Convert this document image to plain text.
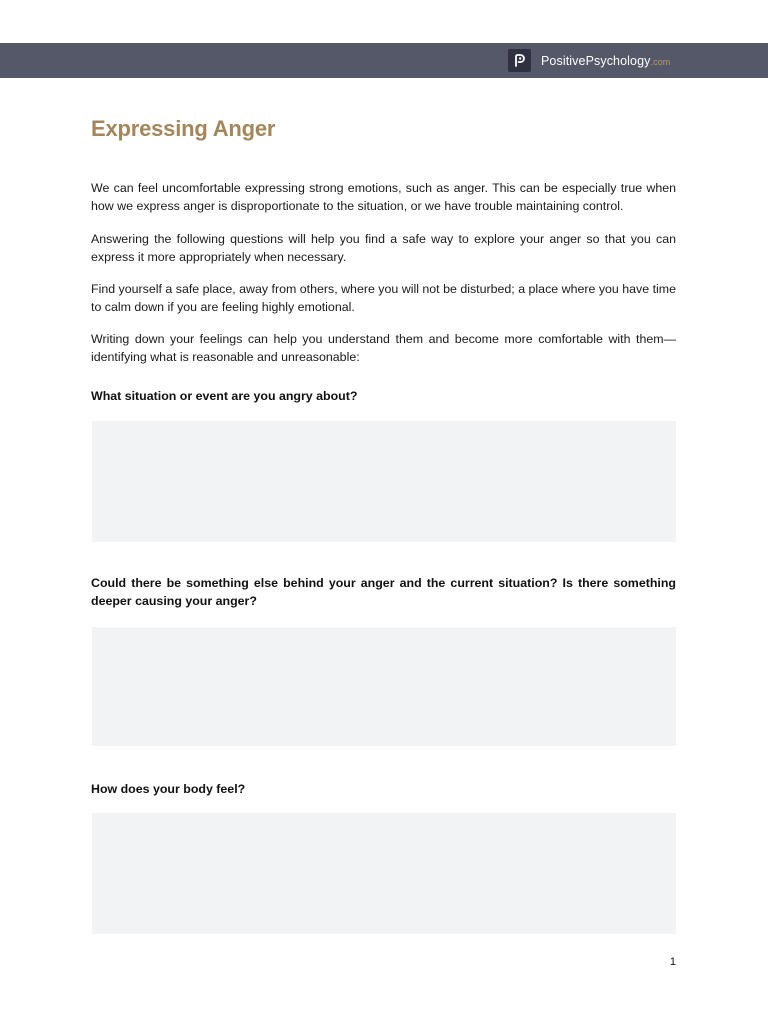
PositivePsychology.com
Expressing Anger

We can feel uncomfortable expressing strong emotions, such as anger. This can be especially true when how we express anger is disproportionate to the situation, or we have trouble maintaining control.

Answering the following questions will help you find a safe way to explore your anger so that you can express it more appropriately when necessary.

Find yourself a safe place, away from others, where you will not be disturbed; a place where you have time to calm down if you are feeling highly emotional.

Writing down your feelings can help you understand them and become more comfortable with them—identifying what is reasonable and unreasonable:

What situation or event are you angry about?

Could there be something else behind your anger and the current situation? Is there something deeper causing your anger?

How does your body feel?

1
